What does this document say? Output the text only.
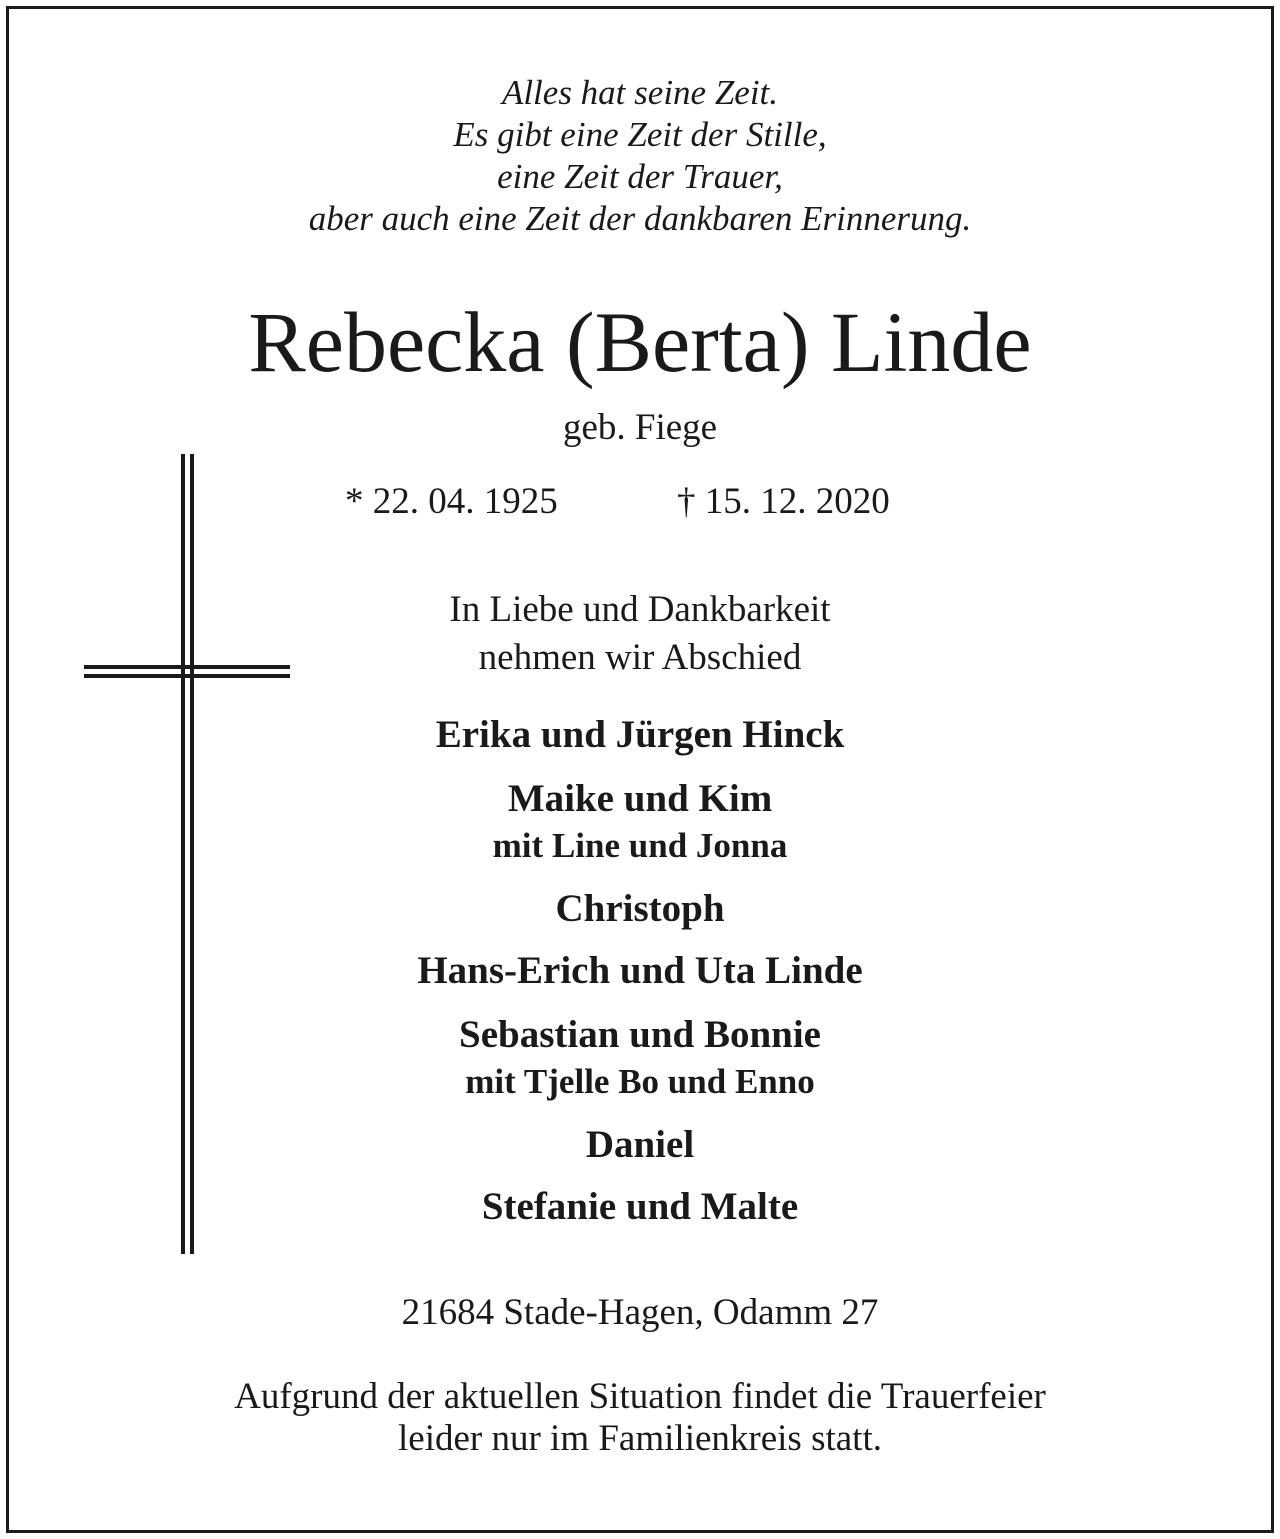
Alles hat seine Zeit.
Es gibt eine Zeit der Stille,
eine Zeit der Trauer,
aber auch eine Zeit der dankbaren Erinnerung.
Rebecka (Berta) Linde
geb. Fiege
* 22. 04. 1925	† 15. 12. 2020
In Liebe und Dankbarkeit
nehmen wir Abschied
Erika und Jürgen Hinck
Maike und Kim
mit Line und Jonna
Christoph
Hans-Erich und Uta Linde
Sebastian und Bonnie
mit Tjelle Bo und Enno
Daniel
Stefanie und Malte
21684 Stade-Hagen, Odamm 27
Aufgrund der aktuellen Situation findet die Trauerfeier
leider nur im Familienkreis statt.
